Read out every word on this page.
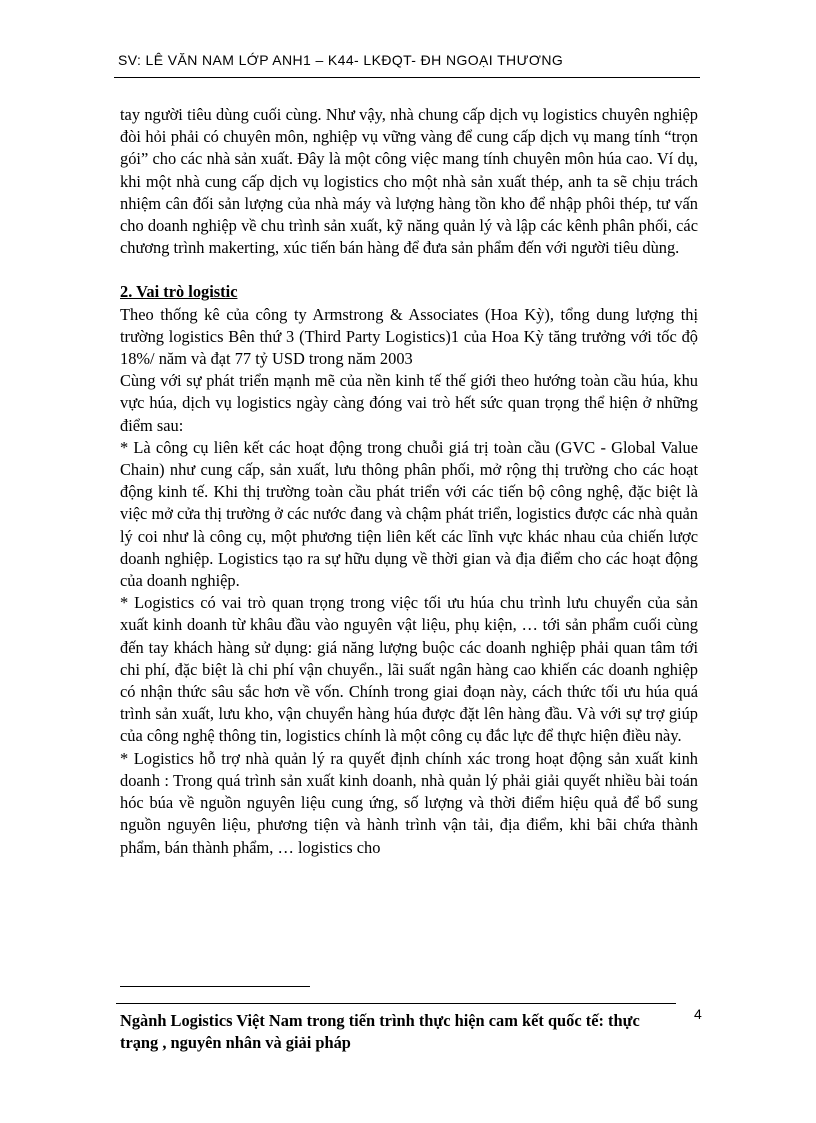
SV: LÊ VĂN NAM LỚP ANH1 – K44- LKĐQT- ĐH NGOẠI THƯƠNG

tay người tiêu dùng cuối cùng. Như vậy, nhà chung cấp dịch vụ logistics chuyên nghiệp đòi hỏi phải có chuyên môn, nghiệp vụ vững vàng để cung cấp dịch vụ mang tính “trọn gói” cho các nhà sản xuất. Đây là một công việc mang tính chuyên môn húa cao. Ví dụ, khi một nhà cung cấp dịch vụ logistics cho một nhà sản xuất thép, anh ta sẽ chịu trách nhiệm cân đối sản lượng của nhà máy và lượng hàng tồn kho để nhập phôi thép, tư vấn cho doanh nghiệp về chu trình sản xuất, kỹ năng quản lý và lập các kênh phân phối, các chương trình makerting, xúc tiến bán hàng để đưa sản phẩm đến với người tiêu dùng.

2. Vai trò logistic

Theo thống kê của công ty Armstrong & Associates (Hoa Kỳ), tổng dung lượng thị trường logistics Bên thứ 3 (Third Party Logistics)1 của Hoa Kỳ tăng trưởng với tốc độ 18%/ năm và đạt 77 tỷ USD trong năm 2003

Cùng với sự phát triển mạnh mẽ của nền kinh tế thế giới theo hướng toàn cầu húa, khu vực húa, dịch vụ logistics ngày càng đóng vai trò hết sức quan trọng thể hiện ở những điểm sau:

* Là công cụ liên kết các hoạt động trong chuỗi giá trị toàn cầu (GVC - Global Value Chain) như cung cấp, sản xuất, lưu thông phân phối, mở rộng thị trường cho các hoạt động kinh tế. Khi thị trường toàn cầu phát triển với các tiến bộ công nghệ, đặc biệt là việc mở cửa thị trường ở các nước đang và chậm phát triển, logistics được các nhà quản lý coi như là công cụ, một phương tiện liên kết các lĩnh vực khác nhau của chiến lược doanh nghiệp. Logistics tạo ra sự hữu dụng về thời gian và địa điểm cho các hoạt động của doanh nghiệp.

* Logistics có vai trò quan trọng trong việc tối ưu húa chu trình lưu chuyển của sản xuất kinh doanh từ khâu đầu vào nguyên vật liệu, phụ kiện, … tới sản phẩm cuối cùng đến tay khách hàng sử dụng: giá năng lượng buộc các doanh nghiệp phải quan tâm tới chi phí, đặc biệt là chi phí vận chuyển., lãi suất ngân hàng cao khiến các doanh nghiệp có nhận thức sâu sắc hơn về vốn. Chính trong giai đoạn này, cách thức tối ưu húa quá trình sản xuất, lưu kho, vận chuyển hàng húa được đặt lên hàng đầu. Và với sự trợ giúp của công nghệ thông tin, logistics chính là một công cụ đắc lực để thực hiện điều này.

* Logistics hỗ trợ nhà quản lý ra quyết định chính xác trong hoạt động sản xuất kinh doanh : Trong quá trình sản xuất kinh doanh, nhà quản lý phải giải quyết nhiều bài toán hóc búa về nguồn nguyên liệu cung ứng, số lượng và thời điểm hiệu quả để bổ sung nguồn nguyên liệu, phương tiện và hành trình vận tải, địa điểm, khi bãi chứa thành phẩm, bán thành phẩm, … logistics cho

Ngành Logistics Việt Nam trong tiến trình thực hiện cam kết quốc tế: thực trạng , nguyên nhân và giải pháp
4
